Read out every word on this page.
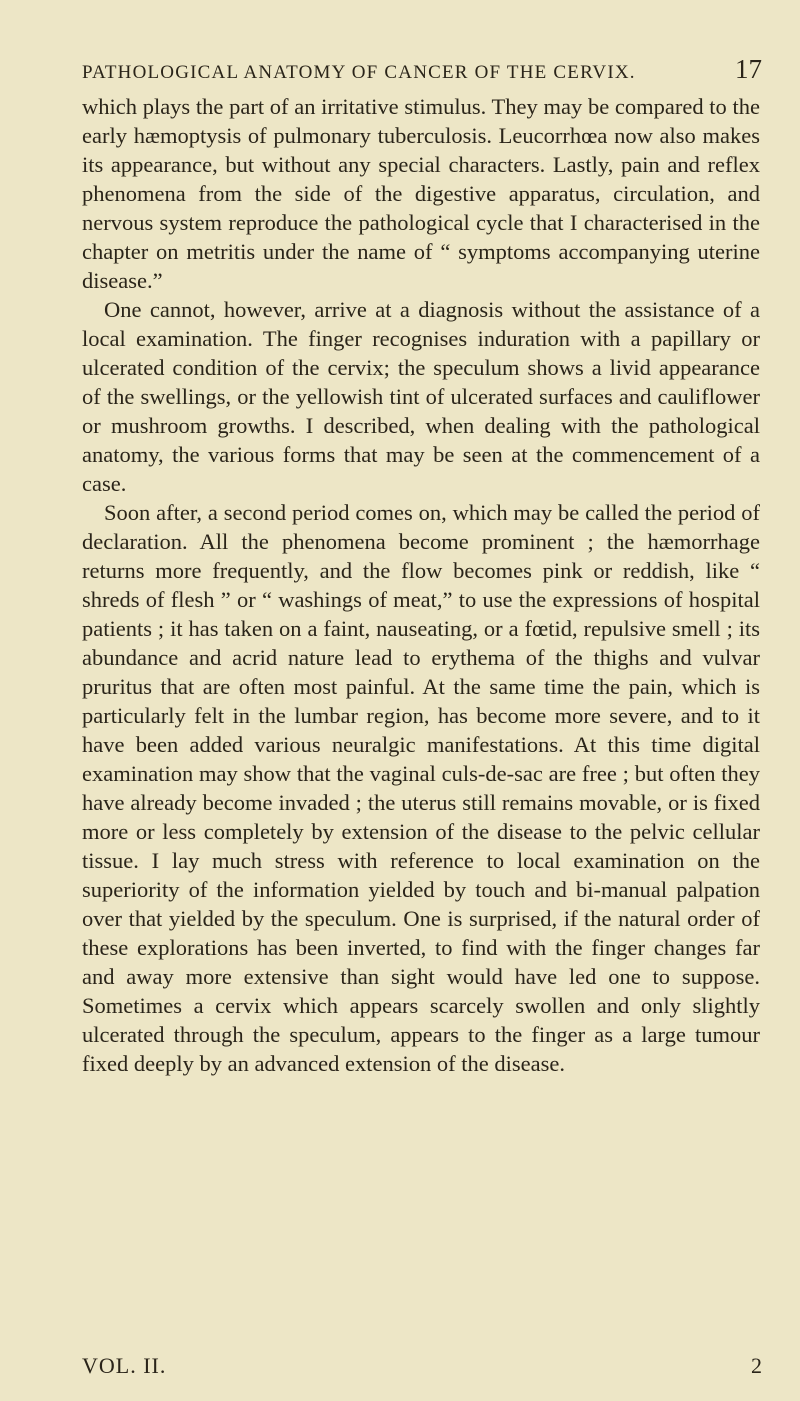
PATHOLOGICAL ANATOMY OF CANCER OF THE CERVIX.	17

which plays the part of an irritative stimulus. They may be compared to the early hæmoptysis of pulmonary tuberculosis. Leucorrhœa now also makes its appearance, but without any special characters. Lastly, pain and reflex phenomena from the side of the digestive apparatus, circulation, and nervous system reproduce the pathological cycle that I characterised in the chapter on metritis under the name of “ symptoms accompanying uterine disease.”

One cannot, however, arrive at a diagnosis without the assistance of a local examination. The finger recognises induration with a papillary or ulcerated condition of the cervix; the speculum shows a livid appearance of the swellings, or the yellowish tint of ulcerated surfaces and cauliflower or mushroom growths. I described, when dealing with the pathological anatomy, the various forms that may be seen at the commencement of a case.

Soon after, a second period comes on, which may be called the period of declaration. All the phenomena become prominent ; the hæmorrhage returns more frequently, and the flow becomes pink or reddish, like “ shreds of flesh ” or “ washings of meat,” to use the expressions of hospital patients ; it has taken on a faint, nauseating, or a fœtid, repulsive smell ; its abundance and acrid nature lead to erythema of the thighs and vulvar pruritus that are often most painful. At the same time the pain, which is particularly felt in the lumbar region, has become more severe, and to it have been added various neuralgic manifestations. At this time digital examination may show that the vaginal culs-de-sac are free ; but often they have already become invaded ; the uterus still remains movable, or is fixed more or less completely by extension of the disease to the pelvic cellular tissue. I lay much stress with reference to local examination on the superiority of the information yielded by touch and bi-manual palpation over that yielded by the speculum. One is surprised, if the natural order of these explorations has been inverted, to find with the finger changes far and away more extensive than sight would have led one to suppose. Sometimes a cervix which appears scarcely swollen and only slightly ulcerated through the speculum, appears to the finger as a large tumour fixed deeply by an advanced extension of the disease.

VOL. II.	2
